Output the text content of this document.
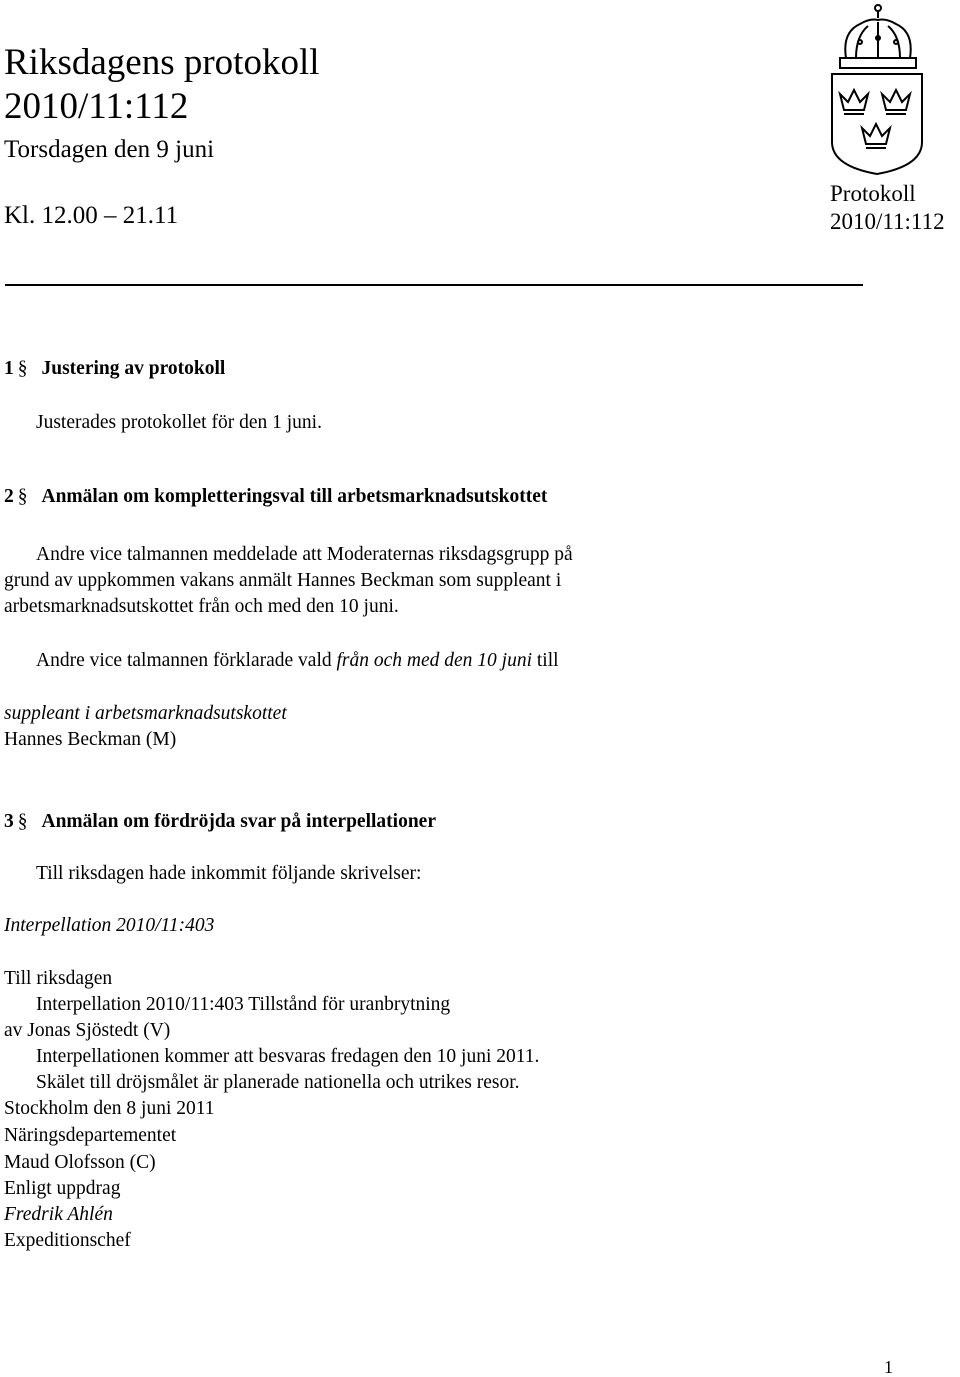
Riksdagens protokoll
2010/11:112
Torsdagen den 9 juni
Kl. 12.00 – 21.11
Protokoll
2010/11:112
1 § Justering av protokoll
Justerades protokollet för den 1 juni.
2 § Anmälan om kompletteringsval till arbetsmarknadsutskottet
Andre vice talmannen meddelade att Moderaternas riksdagsgrupp på
grund av uppkommen vakans anmält Hannes Beckman som suppleant i
arbetsmarknadsutskottet från och med den 10 juni.
Andre vice talmannen förklarade vald från och med den 10 juni till
suppleant i arbetsmarknadsutskottet
Hannes Beckman (M)
3 § Anmälan om fördröjda svar på interpellationer
Till riksdagen hade inkommit följande skrivelser:
Interpellation 2010/11:403
Till riksdagen
Interpellation 2010/11:403 Tillstånd för uranbrytning
av Jonas Sjöstedt (V)
Interpellationen kommer att besvaras fredagen den 10 juni 2011.
Skälet till dröjsmålet är planerade nationella och utrikes resor.
Stockholm den 8 juni 2011
Näringsdepartementet
Maud Olofsson (C)
Enligt uppdrag
Fredrik Ahlén
Expeditionschef
1
